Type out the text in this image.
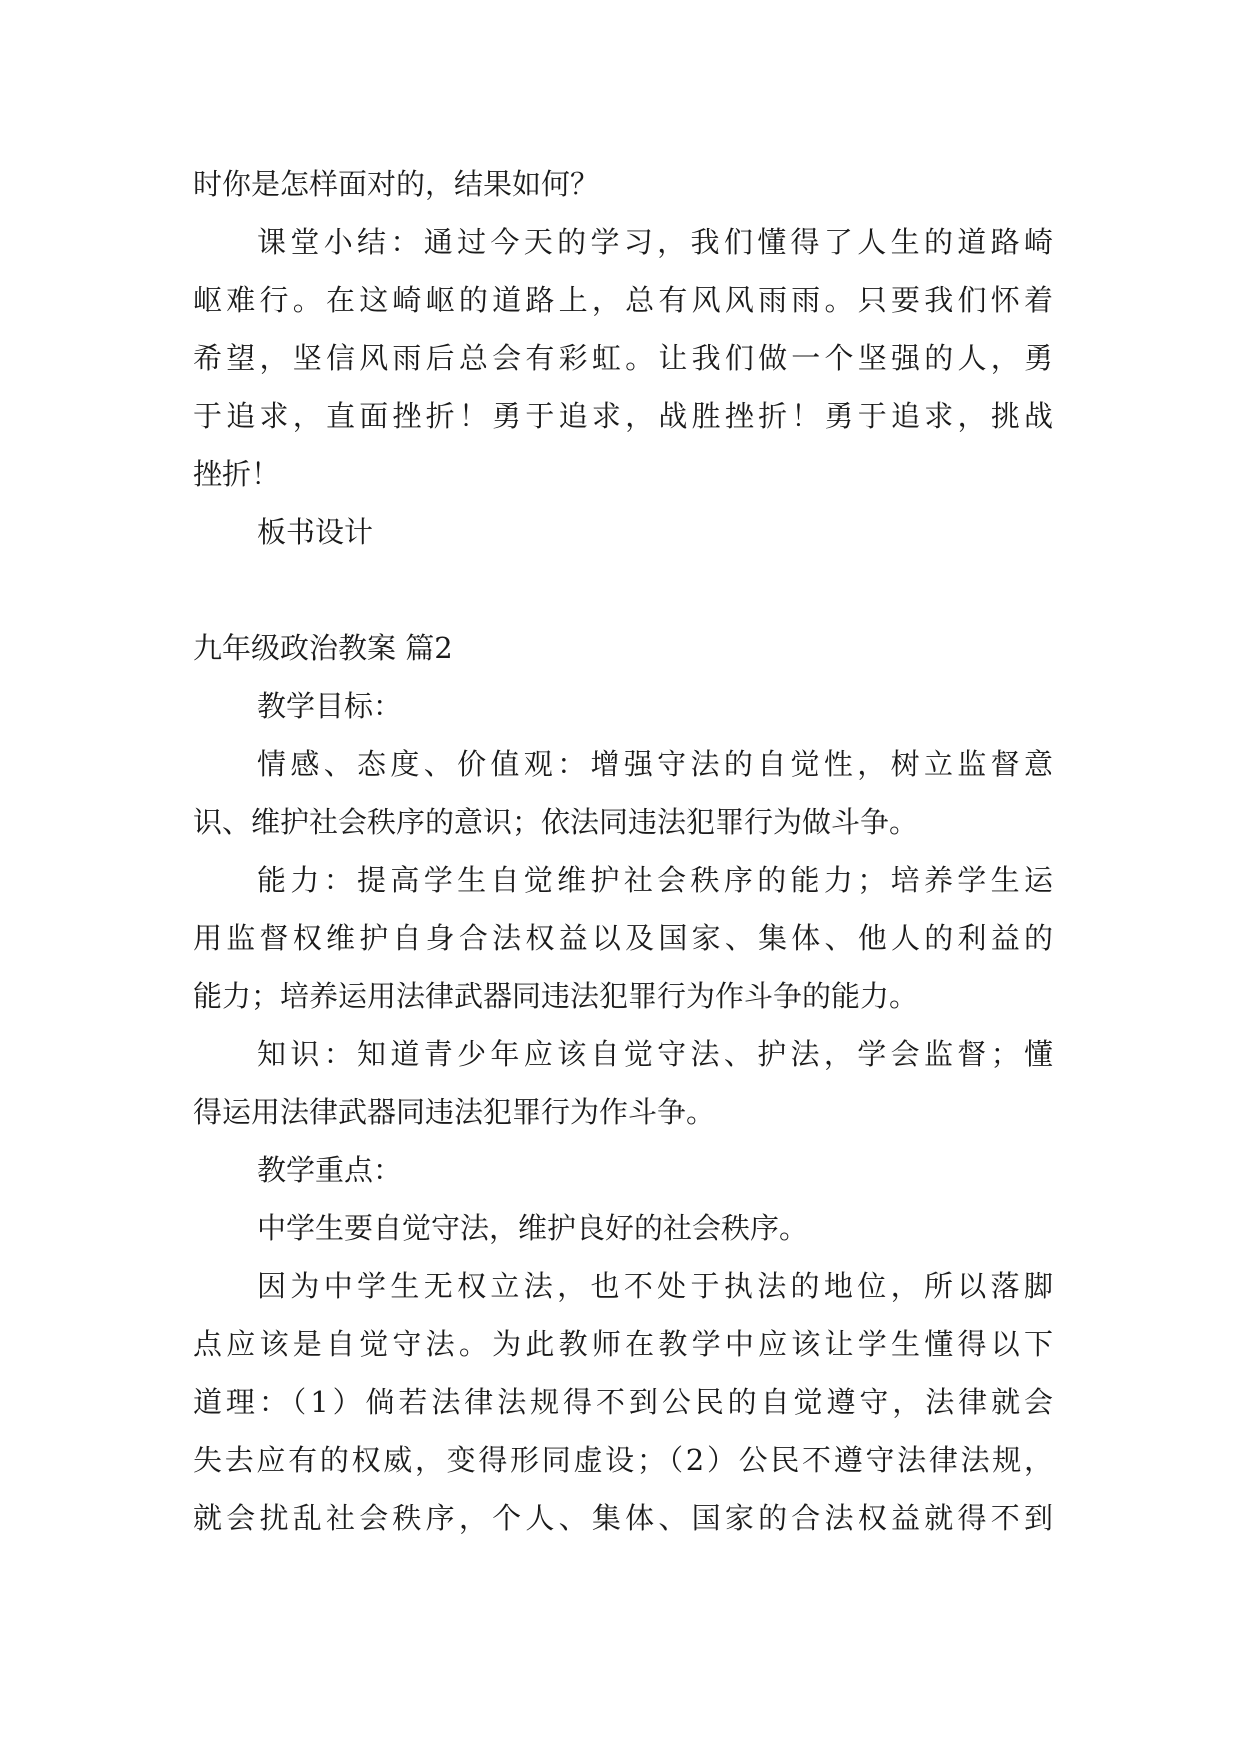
时你是怎样面对的，结果如何？
课堂小结：通过今天的学习，我们懂得了人生的道路崎
岖难行。在这崎岖的道路上，总有风风雨雨。只要我们怀着
希望，坚信风雨后总会有彩虹。让我们做一个坚强的人，勇
于追求，直面挫折！勇于追求，战胜挫折！勇于追求，挑战
挫折！
板书设计
九年级政治教案 篇2
教学目标：
情感、态度、价值观：增强守法的自觉性，树立监督意
识、维护社会秩序的意识；依法同违法犯罪行为做斗争。
能力：提高学生自觉维护社会秩序的能力；培养学生运
用监督权维护自身合法权益以及国家、集体、他人的利益的
能力；培养运用法律武器同违法犯罪行为作斗争的能力。
知识：知道青少年应该自觉守法、护法，学会监督；懂
得运用法律武器同违法犯罪行为作斗争。
教学重点：
中学生要自觉守法，维护良好的社会秩序。
因为中学生无权立法，也不处于执法的地位，所以落脚
点应该是自觉守法。为此教师在教学中应该让学生懂得以下
道理：（1）倘若法律法规得不到公民的自觉遵守，法律就会
失去应有的权威，变得形同虚设；（2）公民不遵守法律法规，
就会扰乱社会秩序，个人、集体、国家的合法权益就得不到
